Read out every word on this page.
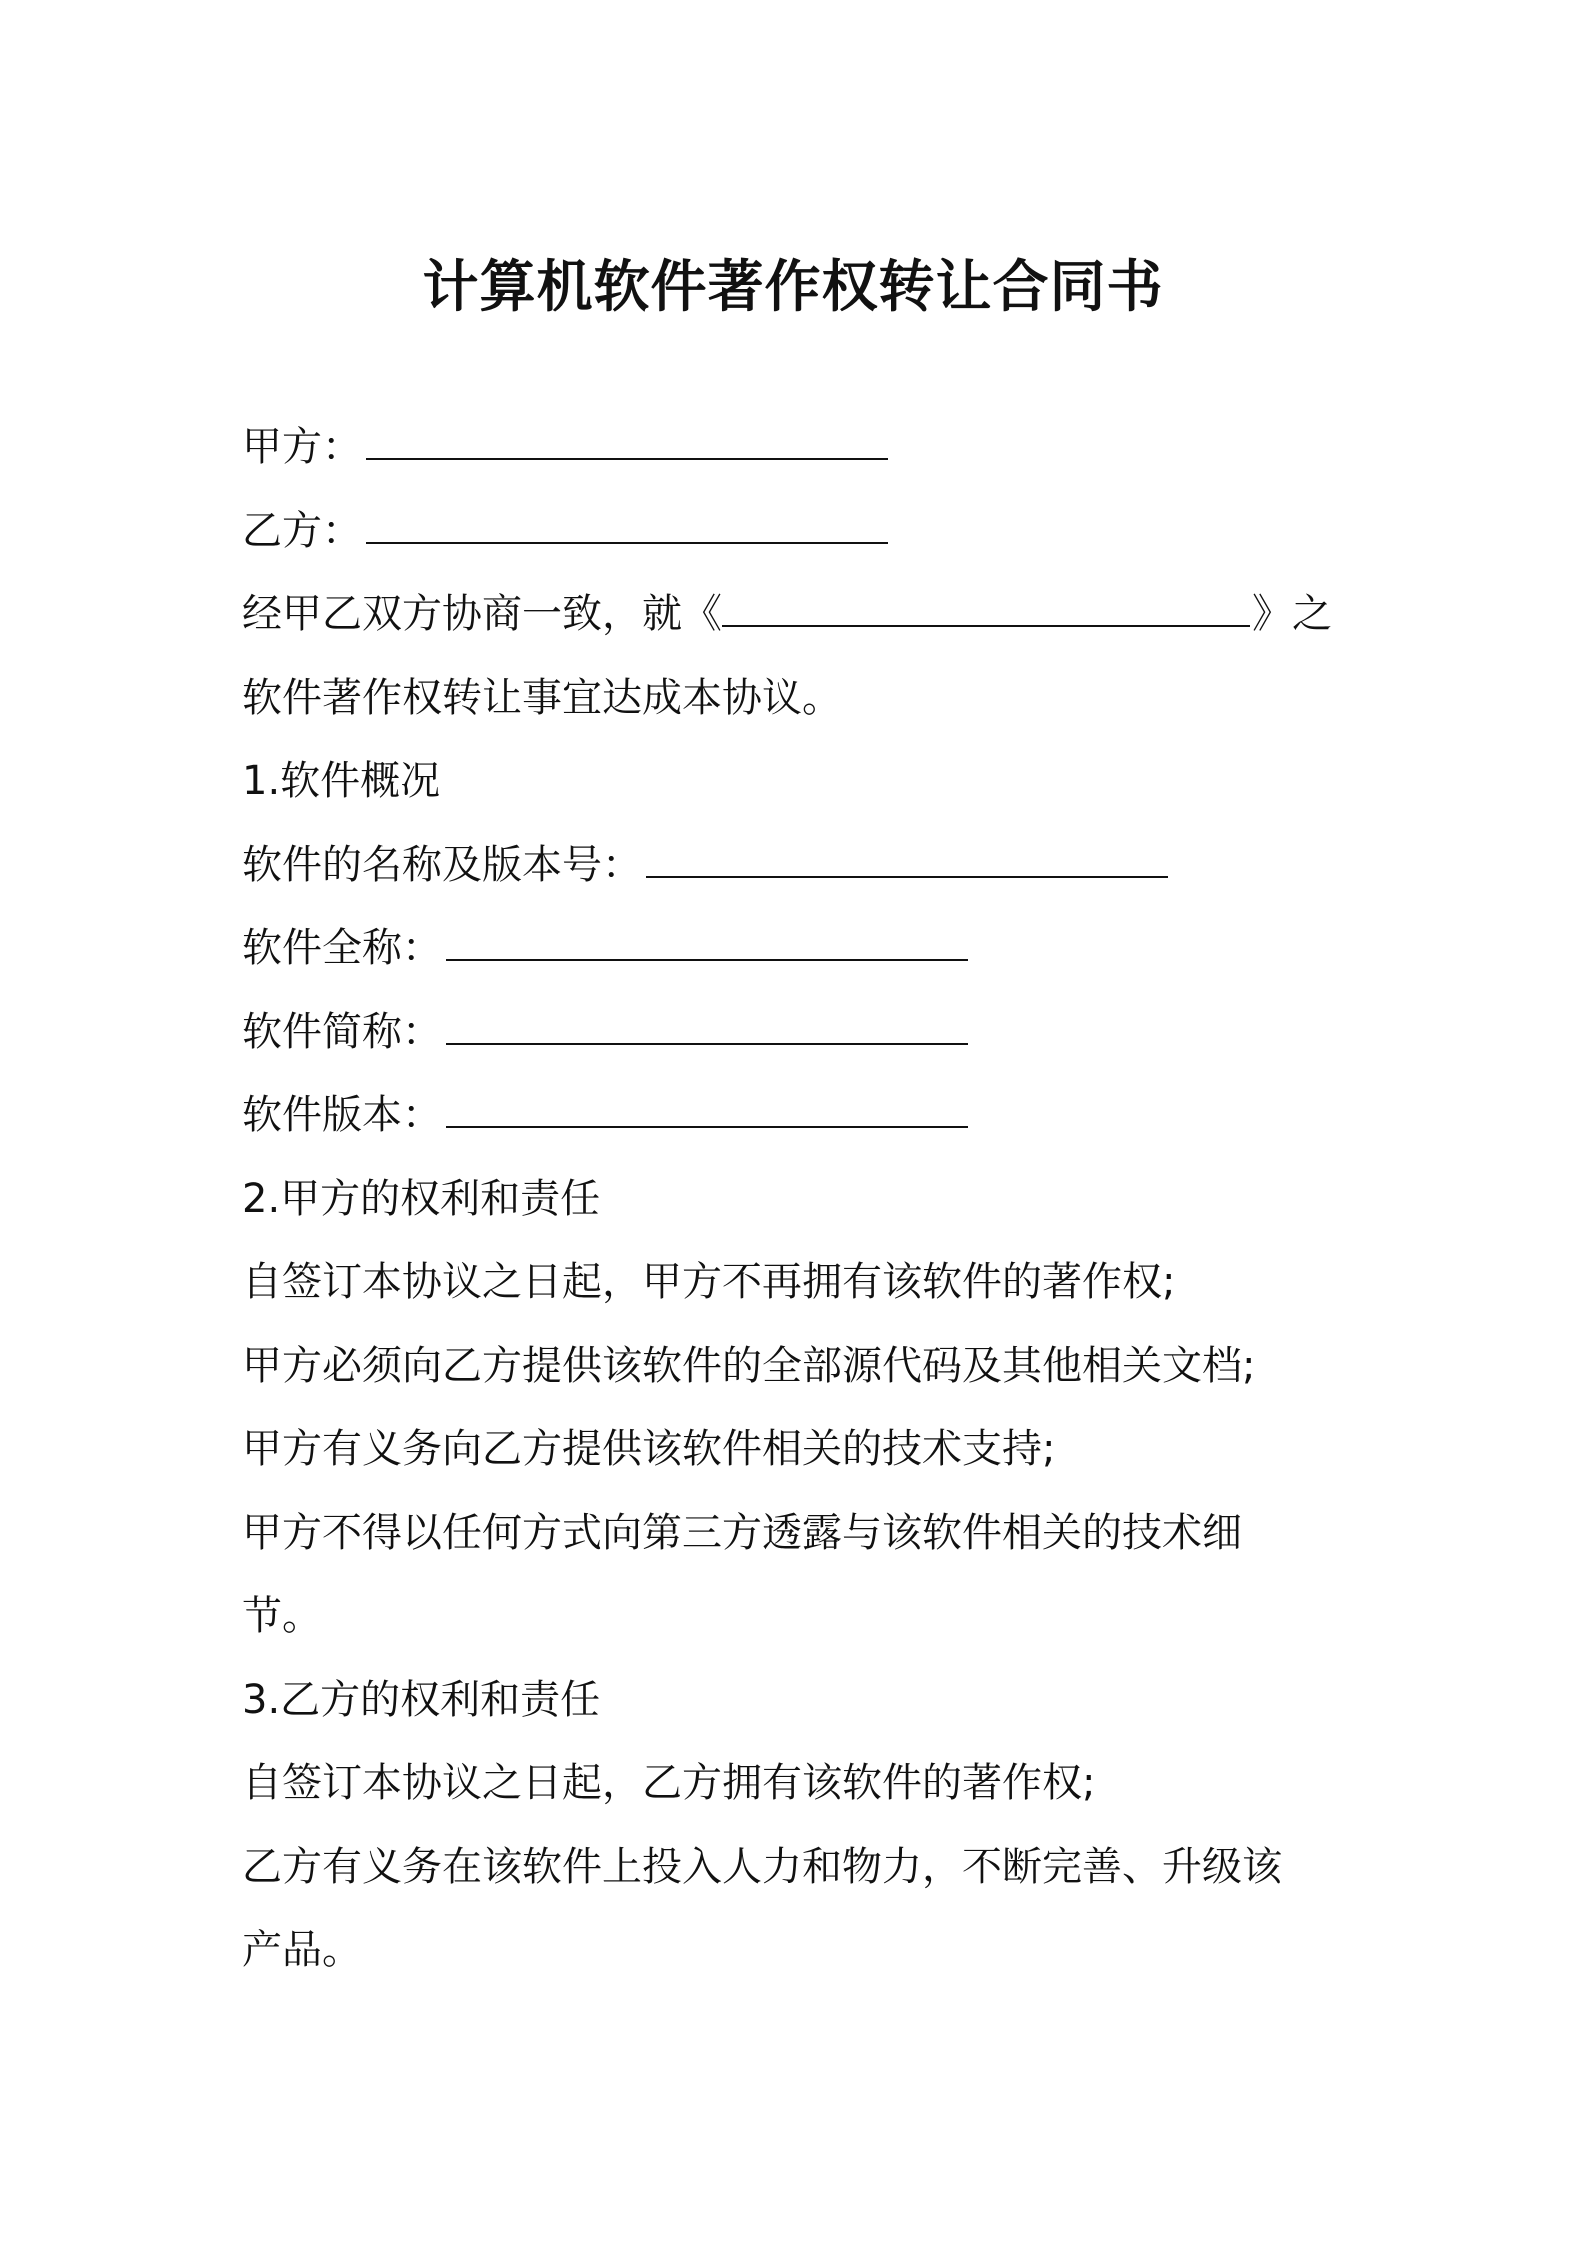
计算机软件著作权转让合同书
甲方：
乙方：
经甲乙双方协商一致，就《	》之
软件著作权转让事宜达成本协议。
1.软件概况
软件的名称及版本号：
软件全称：
软件简称：
软件版本：
2.甲方的权利和责任
自签订本协议之日起，甲方不再拥有该软件的著作权;
甲方必须向乙方提供该软件的全部源代码及其他相关文档;
甲方有义务向乙方提供该软件相关的技术支持;
甲方不得以任何方式向第三方透露与该软件相关的技术细
节。
3.乙方的权利和责任
自签订本协议之日起，乙方拥有该软件的著作权;
乙方有义务在该软件上投入人力和物力，不断完善、升级该
产品。
